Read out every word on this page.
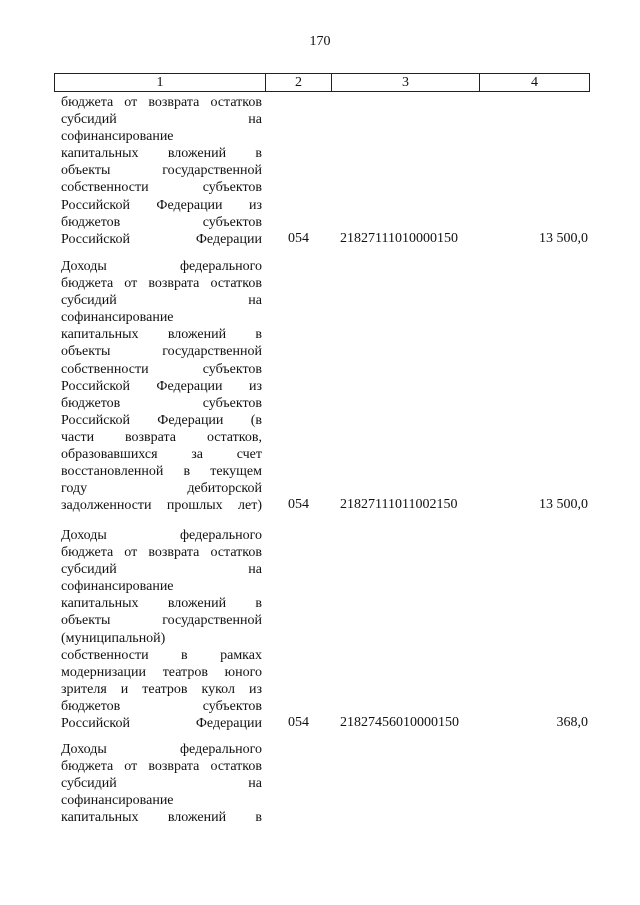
170
1	2	3	4
бюджета от возврата остатков
субсидий	на
софинансирование
капитальных вложений в
объекты	государственной
собственности	субъектов
Российской Федерации из
бюджетов	субъектов
Российской Федерации 054	21827111010000150	13 500,0
Доходы	федерального
бюджета от возврата остатков
субсидий	на
софинансирование
капитальных вложений в
объекты	государственной
собственности	субъектов
Российской Федерации из
бюджетов	субъектов
Российской Федерации (в
части возврата остатков,
образовавшихся за счет
восстановленной в текущем
году	дебиторской
задолженности прошлых лет) 054	21827111011002150	13 500,0
Доходы	федерального
бюджета от возврата остатков
субсидий	на
софинансирование
капитальных вложений в
объекты	государственной
(муниципальной)
собственности в рамках
модернизации театров юного
зрителя и театров кукол из
бюджетов	субъектов
Российской Федерации 054	21827456010000150	368,0
Доходы	федерального
бюджета от возврата остатков
субсидий	на
софинансирование
капитальных вложений в
